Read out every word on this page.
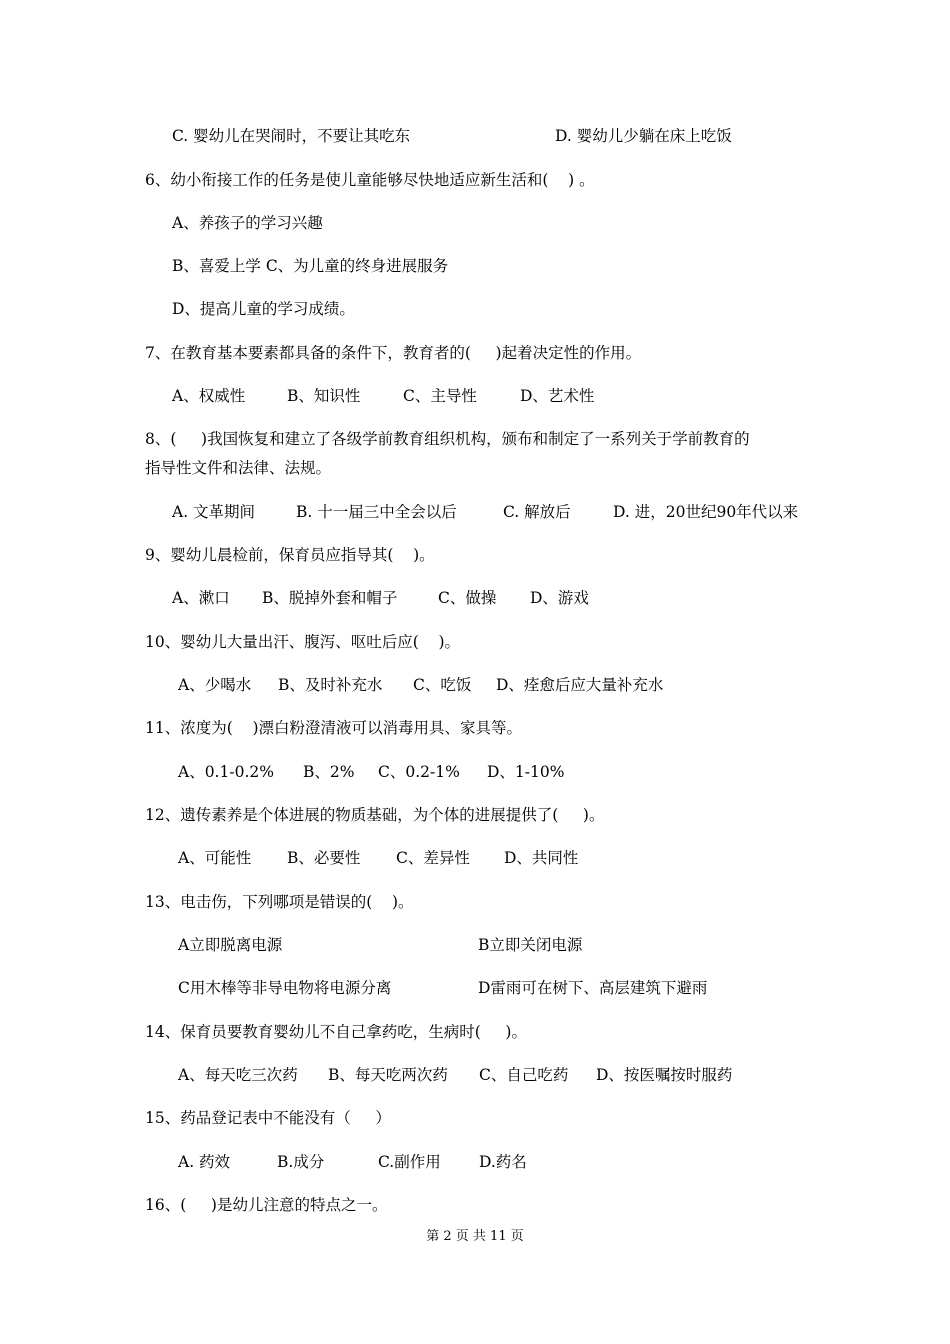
C. 婴幼儿在哭闹时，不要让其吃东	D. 婴幼儿少躺在床上吃饭

6、幼小衔接工作的任务是使儿童能够尽快地适应新生活和(    ) 。

A、养孩子的学习兴趣
B、喜爱上学 C、为儿童的终身进展服务
D、提高儿童的学习成绩。

7、在教育基本要素都具备的条件下，教育者的(     )起着决定性的作用。

A、权威性	B、知识性	C、主导性	D、艺术性

8、(     )我国恢复和建立了各级学前教育组织机构，颁布和制定了一系列关于学前教育的

指导性文件和法律、法规。

A. 文革期间	B. 十一届三中全会以后	C. 解放后	D. 进，20世纪90年代以来

9、婴幼儿晨检前，保育员应指导其(    )。

A、漱口 B、脱掉外套和帽子	C、做操 D、游戏

10、婴幼儿大量出汗、腹泻、呕吐后应(    )。

A、少喝水 B、及时补充水 C、吃饭 D、痊愈后应大量补充水

11、浓度为(    )漂白粉澄清液可以消毒用具、家具等。

A、0.1-0.2% B、2% C、0.2-1% D、1-10%

12、遗传素养是个体进展的物质基础，为个体的进展提供了(     )。

A、可能性 B、必要性 C、差异性 D、共同性

13、电击伤，下列哪项是错误的(    )。

A立即脱离电源	B立即关闭电源
C用木棒等非导电物将电源分离	D雷雨可在树下、高层建筑下避雨

14、保育员要教育婴幼儿不自己拿药吃，生病时(     )。

A、每天吃三次药 B、每天吃两次药 C、自己吃药 D、按医嘱按时服药

15、药品登记表中不能没有（     ）

A. 药效	B.成分	C.副作用 D.药名

16、(     )是幼儿注意的特点之一。

第 2 页 共 11 页
